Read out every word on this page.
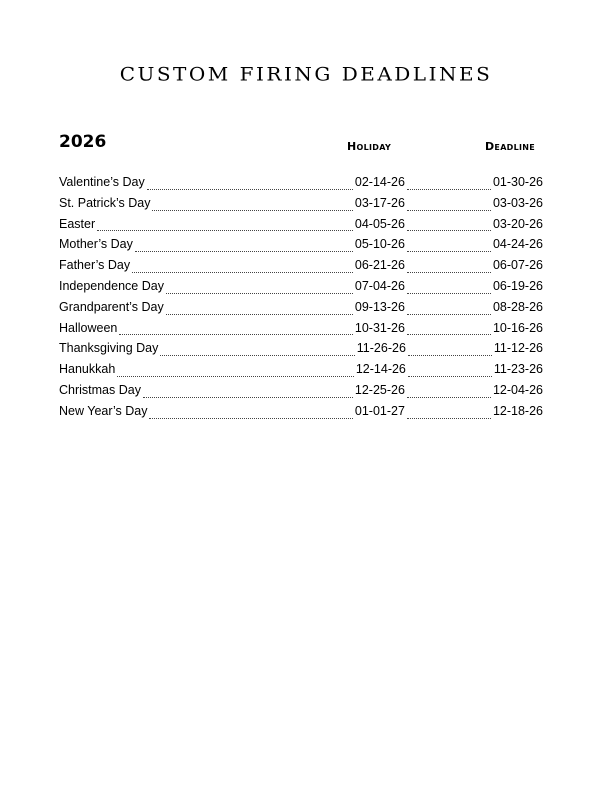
CUSTOM FIRING DEADLINES
2026	Holiday	Deadline
Valentine’s Day	02-14-26	01-30-26
St. Patrick’s Day	03-17-26	03-03-26
Easter	04-05-26	03-20-26
Mother’s Day	05-10-26	04-24-26
Father’s Day	06-21-26	06-07-26
Independence Day	07-04-26	06-19-26
Grandparent’s Day	09-13-26	08-28-26
Halloween	10-31-26	10-16-26
Thanksgiving Day	11-26-26	11-12-26
Hanukkah	12-14-26	11-23-26
Christmas Day	12-25-26	12-04-26
New Year’s Day	01-01-27	12-18-26
